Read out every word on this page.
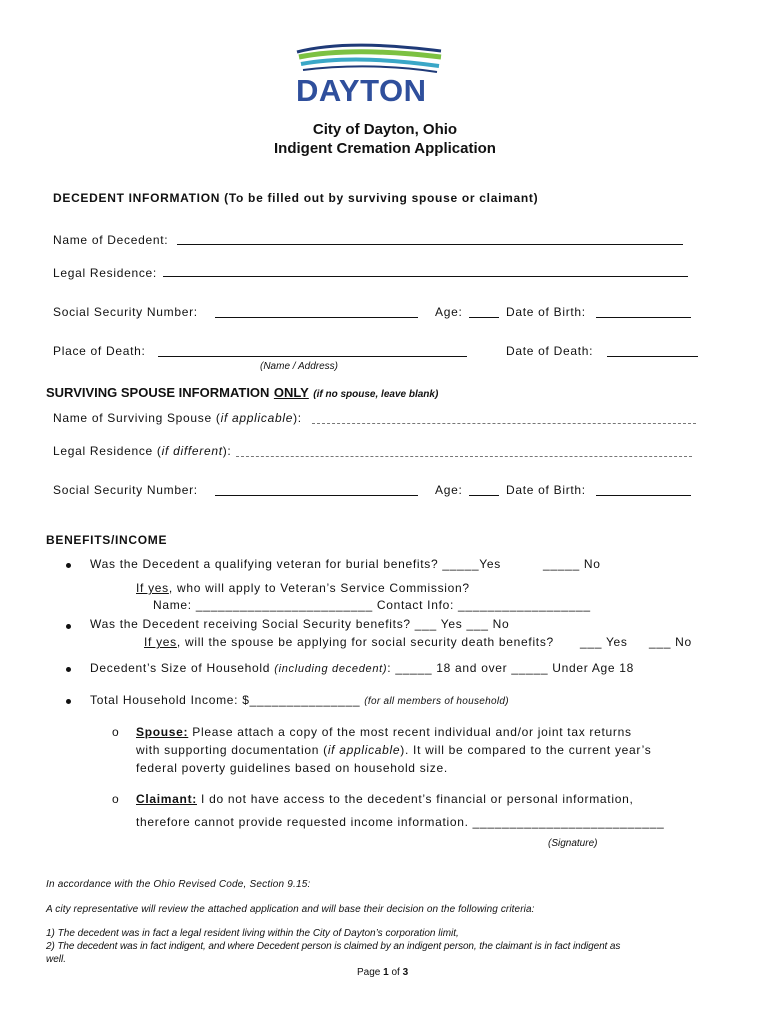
DAYTON
City of Dayton, Ohio
Indigent Cremation Application
DECEDENT INFORMATION (To be filled out by surviving spouse or claimant)
Name of Decedent:
Legal Residence:
Social Security Number:	Age:	Date of Birth:
Place of Death:	Date of Death:
(Name / Address)
SURVIVING SPOUSE INFORMATION ONLY (if no spouse, leave blank)
Name of Surviving Spouse (if applicable):
Legal Residence (if different):
Social Security Number:	Age:	Date of Birth:
BENEFITS/INCOME
Was the Decedent a qualifying veteran for burial benefits? _____Yes	_____ No
If yes, who will apply to Veteran’s Service Commission?
Name: ________________________ Contact Info: __________________
Was the Decedent receiving Social Security benefits? ___ Yes ___ No
If yes, will the spouse be applying for social security death benefits? ___ Yes ___ No
Decedent’s Size of Household (including decedent): _____ 18 and over _____ Under Age 18
Total Household Income: $_______________ (for all members of household)
o Spouse: Please attach a copy of the most recent individual and/or joint tax returns
with supporting documentation (if applicable). It will be compared to the current year’s
federal poverty guidelines based on household size.
o Claimant: I do not have access to the decedent’s financial or personal information,
therefore cannot provide requested income information. __________________________
(Signature)
In accordance with the Ohio Revised Code, Section 9.15:
A city representative will review the attached application and will base their decision on the following criteria:
1) The decedent was in fact a legal resident living within the City of Dayton’s corporation limit,
2) The decedent was in fact indigent, and where Decedent person is claimed by an indigent person, the claimant is in fact indigent as
well.
Page 1 of 3
